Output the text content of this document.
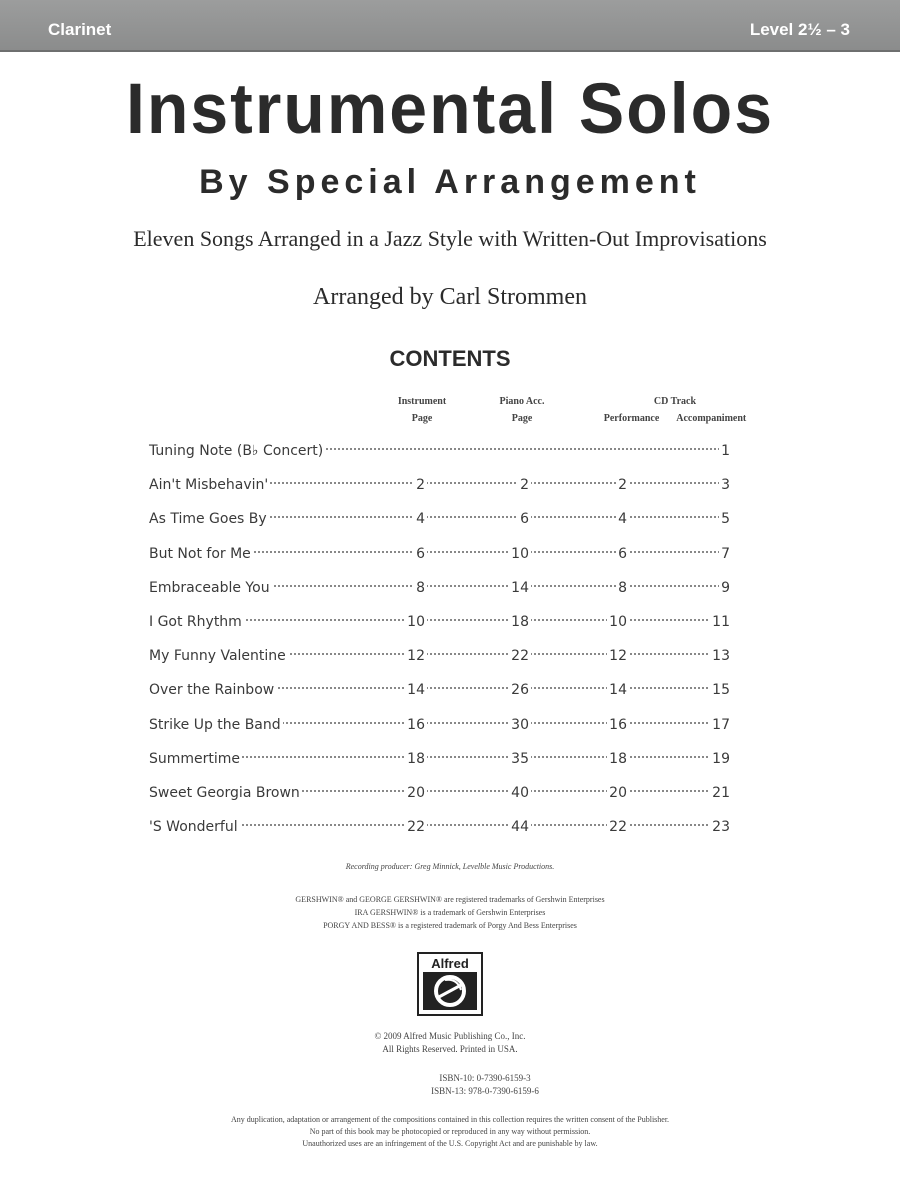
Clarinet	Level 2½ – 3
Instrumental Solos
By Special Arrangement
Eleven Songs Arranged in a Jazz Style with Written-Out Improvisations
Arranged by Carl Strommen
CONTENTS
Instrument
Page
Piano Acc.
Page
CD Track
Performance Accompaniment
Tuning Note (B♭ Concert)	1
Ain't Misbehavin'	2	2	2	3
As Time Goes By	4	6	4	5
But Not for Me	6	10	6	7
Embraceable You	8	14	8	9
I Got Rhythm	10	18	10	11
My Funny Valentine	12	22	12	13
Over the Rainbow	14	26	14	15
Strike Up the Band	16	30	16	17
Summertime	18	35	18	19
Sweet Georgia Brown	20	40	20	21
'S Wonderful	22	44	22	23
Recording producer: Greg Minnick, Levelble Music Productions.
GERSHWIN® and GEORGE GERSHWIN® are registered trademarks of Gershwin Enterprises
IRA GERSHWIN® is a trademark of Gershwin Enterprises
PORGY AND BESS® is a registered trademark of Porgy And Bess Enterprises
Alfred
© 2009 Alfred Music Publishing Co., Inc.
All Rights Reserved. Printed in USA.
ISBN-10: 0-7390-6159-3
ISBN-13: 978-0-7390-6159-6
Any duplication, adaptation or arrangement of the compositions contained in this collection requires the written consent of the Publisher.
No part of this book may be photocopied or reproduced in any way without permission.
Unauthorized uses are an infringement of the U.S. Copyright Act and are punishable by law.
